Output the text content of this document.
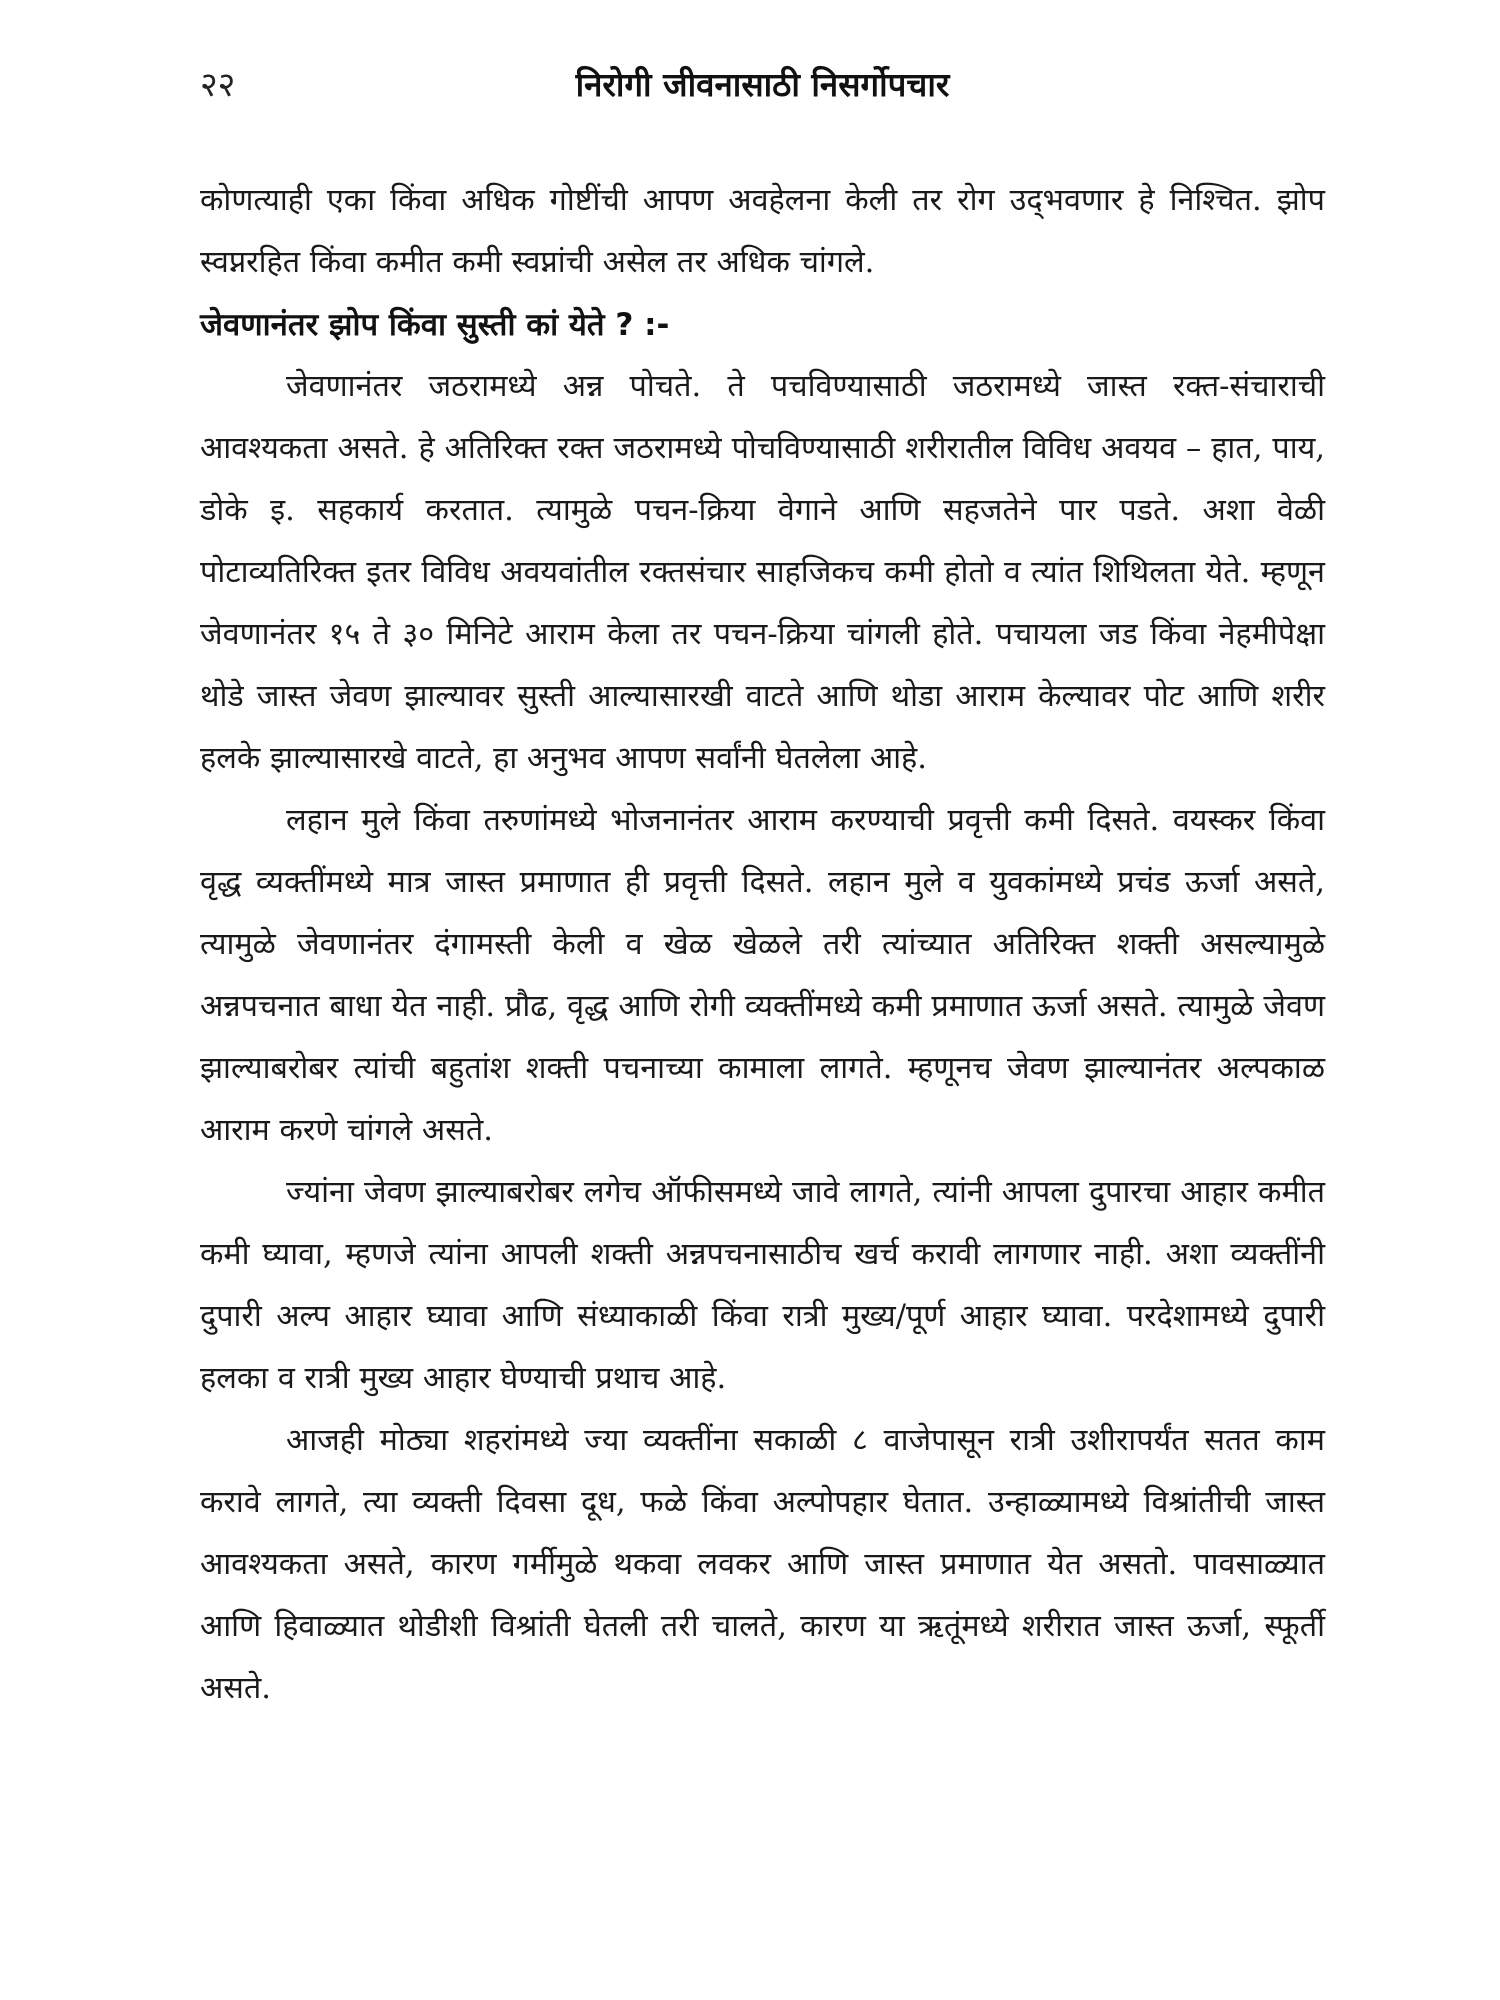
२२	निरोगी जीवनासाठी निसर्गोपचार

कोणत्याही एका किंवा अधिक गोष्टींची आपण अवहेलना केली तर रोग उद्‌भवणार हे निश्चित. झोप स्वप्नरहित किंवा कमीत कमी स्वप्नांची असेल तर अधिक चांगले.

जेवणानंतर झोप किंवा सुस्ती कां येते ? :-

जेवणानंतर जठरामध्ये अन्न पोचते. ते पचविण्यासाठी जठरामध्ये जास्त रक्त-संचाराची आवश्यकता असते. हे अतिरिक्त रक्त जठरामध्ये पोचविण्यासाठी शरीरातील विविध अवयव – हात, पाय, डोके इ. सहकार्य करतात. त्यामुळे पचन-क्रिया वेगाने आणि सहजतेने पार पडते. अशा वेळी पोटाव्यतिरिक्त इतर विविध अवयवांतील रक्तसंचार साहजिकच कमी होतो व त्यांत शिथिलता येते. म्हणून जेवणानंतर १५ ते ३० मिनिटे आराम केला तर पचन-क्रिया चांगली होते. पचायला जड किंवा नेहमीपेक्षा थोडे जास्त जेवण झाल्यावर सुस्ती आल्यासारखी वाटते आणि थोडा आराम केल्यावर पोट आणि शरीर हलके झाल्यासारखे वाटते, हा अनुभव आपण सर्वांनी घेतलेला आहे.

लहान मुले किंवा तरुणांमध्ये भोजनानंतर आराम करण्याची प्रवृत्ती कमी दिसते. वयस्कर किंवा वृद्ध व्यक्तींमध्ये मात्र जास्त प्रमाणात ही प्रवृत्ती दिसते. लहान मुले व युवकांमध्ये प्रचंड ऊर्जा असते, त्यामुळे जेवणानंतर दंगामस्ती केली व खेळ खेळले तरी त्यांच्यात अतिरिक्त शक्ती असल्यामुळे अन्नपचनात बाधा येत नाही. प्रौढ, वृद्ध आणि रोगी व्यक्तींमध्ये कमी प्रमाणात ऊर्जा असते. त्यामुळे जेवण झाल्याबरोबर त्यांची बहुतांश शक्ती पचनाच्या कामाला लागते. म्हणूनच जेवण झाल्यानंतर अल्पकाळ आराम करणे चांगले असते.

ज्यांना जेवण झाल्याबरोबर लगेच ऑफीसमध्ये जावे लागते, त्यांनी आपला दुपारचा आहार कमीत कमी घ्यावा, म्हणजे त्यांना आपली शक्ती अन्नपचनासाठीच खर्च करावी लागणार नाही. अशा व्यक्तींनी दुपारी अल्प आहार घ्यावा आणि संध्याकाळी किंवा रात्री मुख्य/पूर्ण आहार घ्यावा. परदेशामध्ये दुपारी हलका व रात्री मुख्य आहार घेण्याची प्रथाच आहे.

आजही मोठ्या शहरांमध्ये ज्या व्यक्तींना सकाळी ८ वाजेपासून रात्री उशीरापर्यंत सतत काम करावे लागते, त्या व्यक्ती दिवसा दूध, फळे किंवा अल्पोपहार घेतात. उन्हाळ्यामध्ये विश्रांतीची जास्त आवश्यकता असते, कारण गर्मीमुळे थकवा लवकर आणि जास्त प्रमाणात येत असतो. पावसाळ्यात आणि हिवाळ्यात थोडीशी विश्रांती घेतली तरी चालते, कारण या ऋतूंमध्ये शरीरात जास्त ऊर्जा, स्फूर्ती असते.
